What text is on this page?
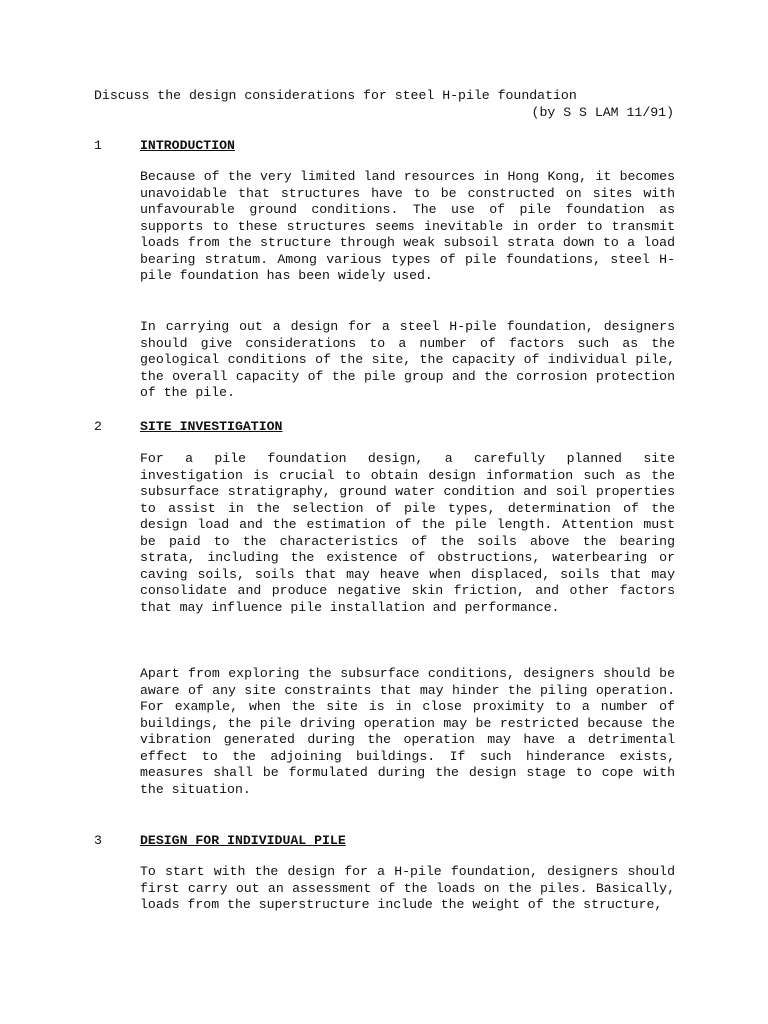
Discuss the design considerations for steel H-pile foundation
(by S S LAM 11/91)
1	INTRODUCTION

Because of the very limited land resources in Hong Kong, it becomes unavoidable that structures have to be constructed on sites with unfavourable ground conditions. The use of pile foundation as supports to these structures seems inevitable in order to transmit loads from the structure through weak subsoil strata down to a load bearing stratum. Among various types of pile foundations, steel H-pile foundation has been widely used.

In carrying out a design for a steel H-pile foundation, designers should give considerations to a number of factors such as the geological conditions of the site, the capacity of individual pile, the overall capacity of the pile group and the corrosion protection of the pile.

2	SITE INVESTIGATION

For a pile foundation design, a carefully planned site investigation is crucial to obtain design information such as the subsurface stratigraphy, ground water condition and soil properties to assist in the selection of pile types, determination of the design load and the estimation of the pile length. Attention must be paid to the characteristics of the soils above the bearing strata, including the existence of obstructions, waterbearing or caving soils, soils that may heave when displaced, soils that may consolidate and produce negative skin friction, and other factors that may influence pile installation and performance.

Apart from exploring the subsurface conditions, designers should be aware of any site constraints that may hinder the piling operation. For example, when the site is in close proximity to a number of buildings, the pile driving operation may be restricted because the vibration generated during the operation may have a detrimental effect to the adjoining buildings. If such hinderance exists, measures shall be formulated during the design stage to cope with the situation.

3	DESIGN FOR INDIVIDUAL PILE

To start with the design for a H-pile foundation, designers should first carry out an assessment of the loads on the piles. Basically, loads from the superstructure include the weight of the structure,
